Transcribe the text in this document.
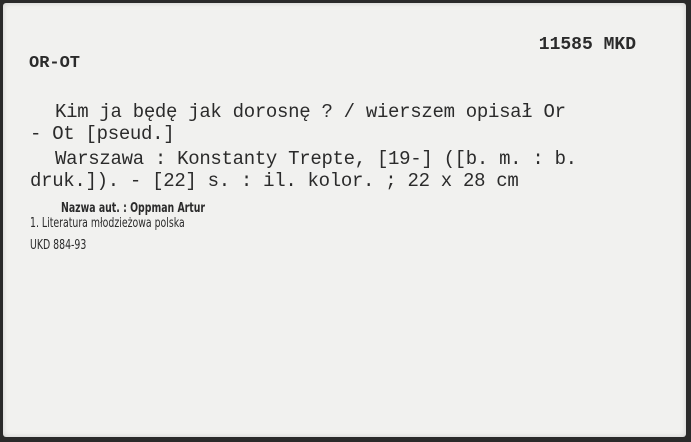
11585 MKD
OR-OT
Kim ja będę jak dorosnę ? / wierszem opisał Or
- Ot [pseud.]
Warszawa : Konstanty Trepte, [19-] ([b. m. : b.
druk.]). - [22] s. : il. kolor. ; 22 x 28 cm
Nazwa aut. : Oppman Artur
1. Literatura młodzieżowa polska
UKD 884-93
